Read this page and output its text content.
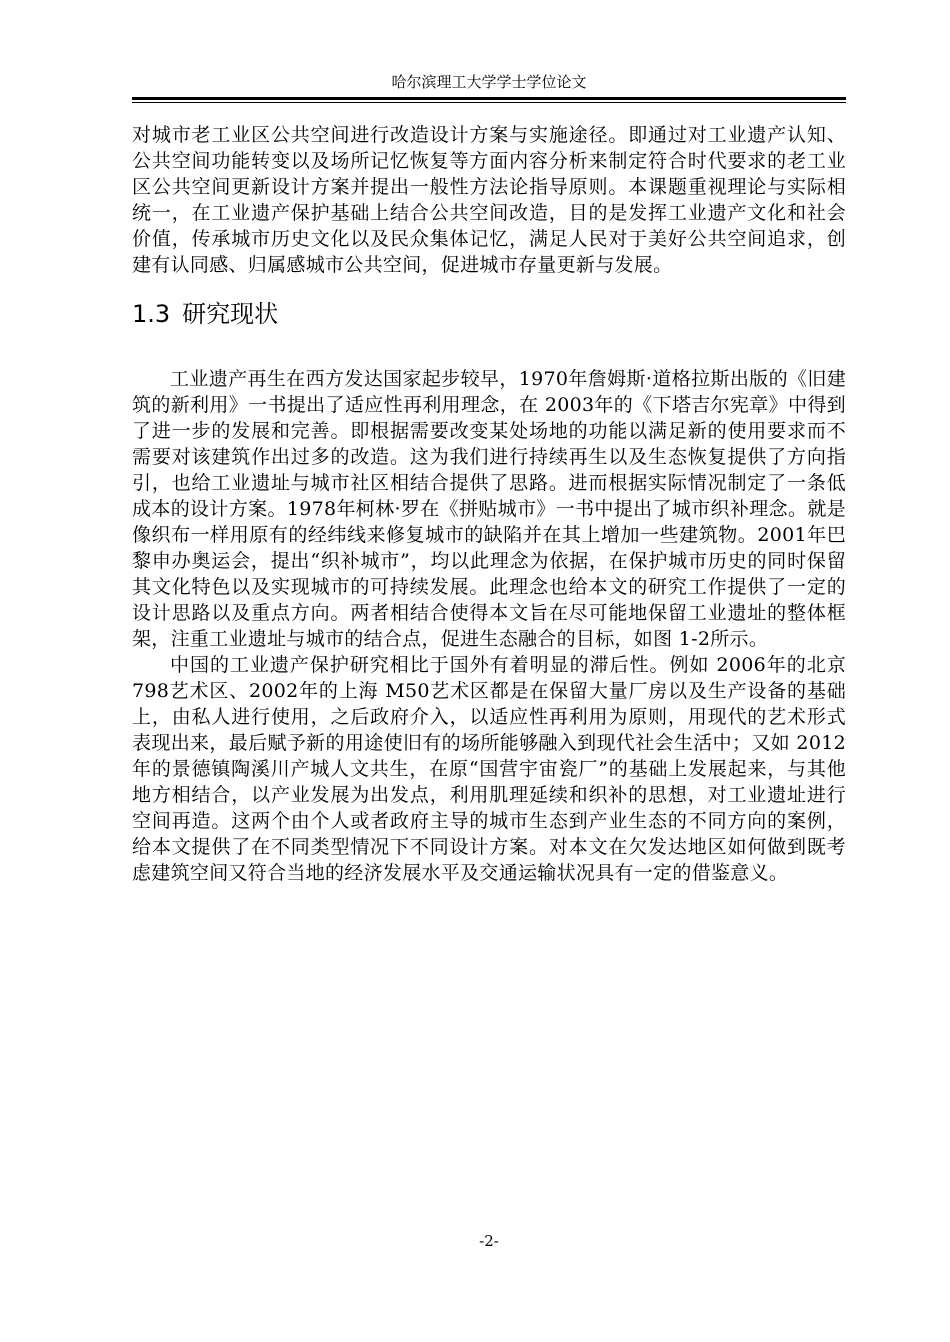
哈尔滨理工大学学士学位论文

对城市老工业区公共空间进行改造设计方案与实施途径。即通过对工业遗产认知、公共空间功能转变以及场所记忆恢复等方面内容分析来制定符合时代要求的老工业区公共空间更新设计方案并提出一般性方法论指导原则。本课题重视理论与实际相统一，在工业遗产保护基础上结合公共空间改造，目的是发挥工业遗产文化和社会价值，传承城市历史文化以及民众集体记忆，满足人民对于美好公共空间追求，创建有认同感、归属感城市公共空间，促进城市存量更新与发展。

1.3 研究现状

工业遗产再生在西方发达国家起步较早，1970年詹姆斯·道格拉斯出版的《旧建筑的新利用》一书提出了适应性再利用理念，在 2003年的《下塔吉尔宪章》中得到了进一步的发展和完善。即根据需要改变某处场地的功能以满足新的使用要求而不需要对该建筑作出过多的改造。这为我们进行持续再生以及生态恢复提供了方向指引，也给工业遗址与城市社区相结合提供了思路。进而根据实际情况制定了一条低成本的设计方案。1978年柯林·罗在《拼贴城市》一书中提出了城市织补理念。就是像织布一样用原有的经纬线来修复城市的缺陷并在其上增加一些建筑物。2001年巴黎申办奥运会，提出“织补城市”，均以此理念为依据，在保护城市历史的同时保留其文化特色以及实现城市的可持续发展。此理念也给本文的研究工作提供了一定的设计思路以及重点方向。两者相结合使得本文旨在尽可能地保留工业遗址的整体框架，注重工业遗址与城市的结合点，促进生态融合的目标，如图 1-2所示。

中国的工业遗产保护研究相比于国外有着明显的滞后性。例如 2006年的北京 798艺术区、2002年的上海 M50艺术区都是在保留大量厂房以及生产设备的基础上，由私人进行使用，之后政府介入，以适应性再利用为原则，用现代的艺术形式表现出来，最后赋予新的用途使旧有的场所能够融入到现代社会生活中；又如 2012年的景德镇陶溪川产城人文共生，在原“国营宇宙瓷厂”的基础上发展起来，与其他地方相结合，以产业发展为出发点，利用肌理延续和织补的思想，对工业遗址进行空间再造。这两个由个人或者政府主导的城市生态到产业生态的不同方向的案例，给本文提供了在不同类型情况下不同设计方案。对本文在欠发达地区如何做到既考虑建筑空间又符合当地的经济发展水平及交通运输状况具有一定的借鉴意义。

-2-
